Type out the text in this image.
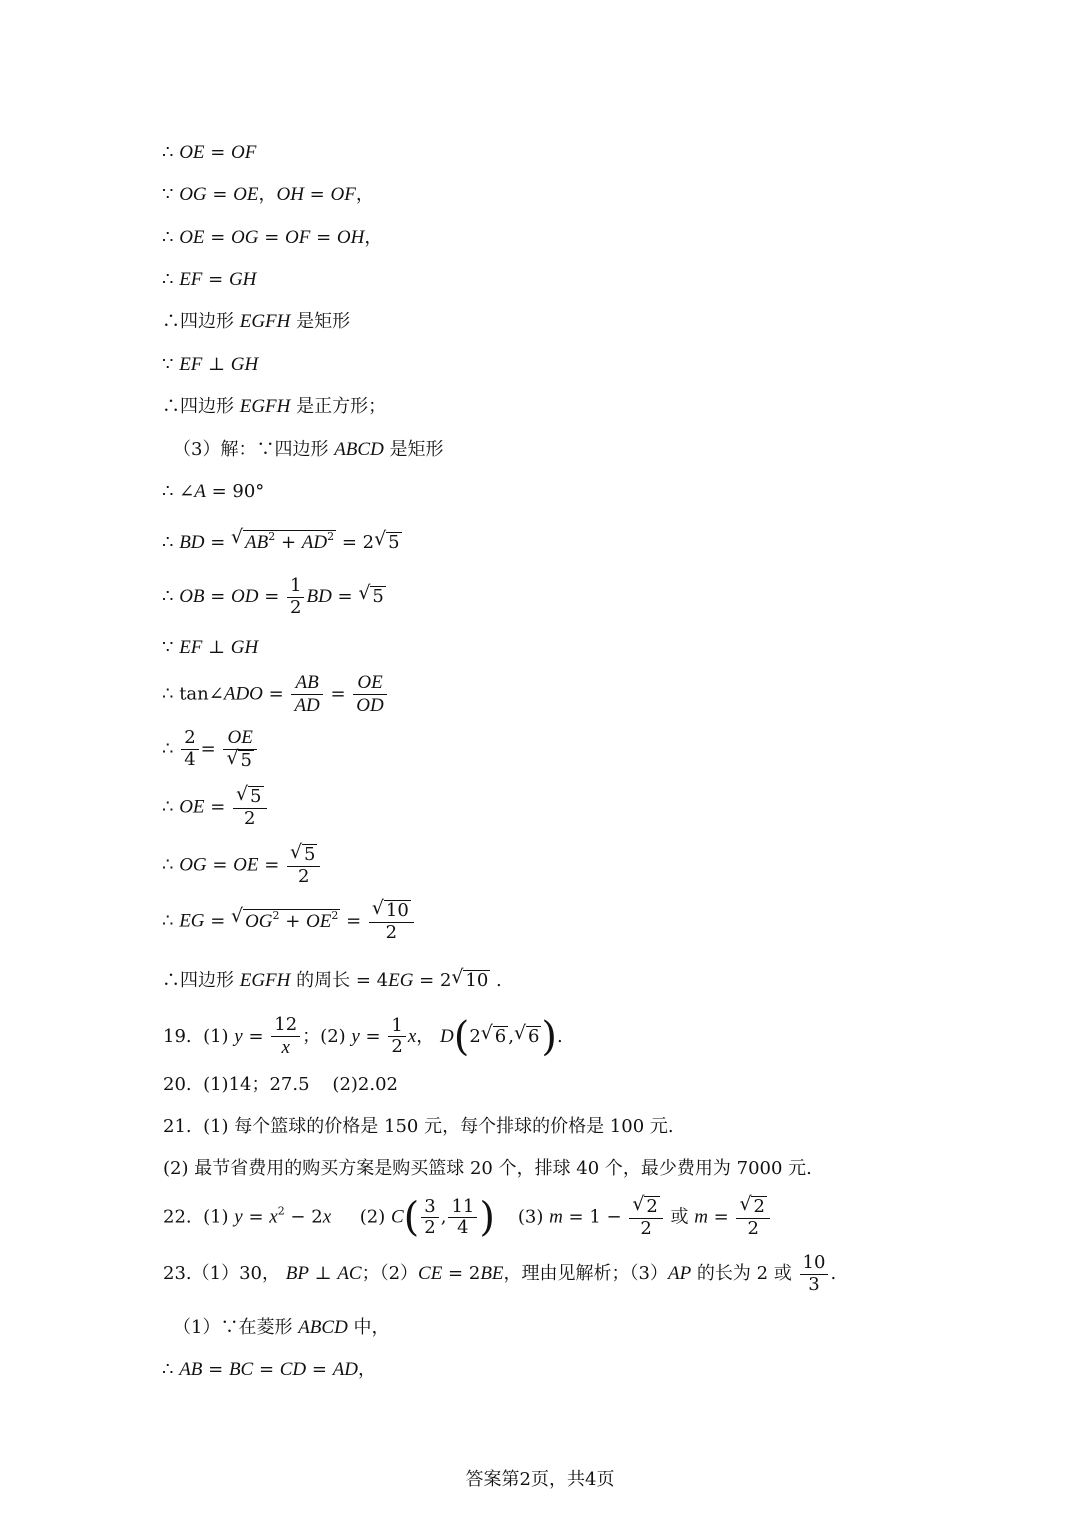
∴ OE = OF
∵ OG = OE，OH = OF，
∴ OE = OG = OF = OH，
∴ EF = GH
∴四边形 EGFH 是矩形
∵ EF ⊥ GH
∴四边形 EGFH 是正方形；
（3）解：∵四边形 ABCD 是矩形
∴ ∠A = 90°
∴ BD = √ $AB^2 + AD^2 = 2√$ 5
∴ OB = OD = $\frac{1}{2}$ BD = √ 5
∵ EF ⊥ GH
∴ tan∠ADO = $\frac{AB}{AD} = \frac{OE}{OD}$
∴ $\frac{2}{4}$ = OE
√ 5
∴ OE =
√ $\frac{5}{2}$
∴ OG = OE =
√ $\frac{5}{2}$
∴ EG = √ $OG^2 + OE^2$ =
√ $\frac{10}{2}$
∴四边形 EGFH 的周长 = 4EG = 2√ 10 .
19.  (1) $y = \frac{12}{x}$ ；(2) $y = \frac{1}{2}$ x， D(2√ 6 ,√ 6).
20.  (1)14；27.5    (2)2.02
21.  (1) 每个篮球的价格是 150 元，每个排球的价格是 100 元.
(2) 最节省费用的购买方案是购买篮球 20 个，排球 40 个，最少费用为 7000 元.
22.  (1) $y = x^2 - 2x$     (2) $C( \frac{3}{2}$ , $\frac{11}{4}$ )    (3) m = 1 −
√ $\frac{2}{2}$ 或 m =
√ $\frac{2}{2}$
23.（1）30， BP ⊥ AC；（2）CE = 2BE，理由见解析；（3）AP 的长为 2 或 $\frac{10}{3}$ .
（1）∵在菱形 ABCD 中，
∴ AB = BC = CD = AD，
答案第2页，共4页
